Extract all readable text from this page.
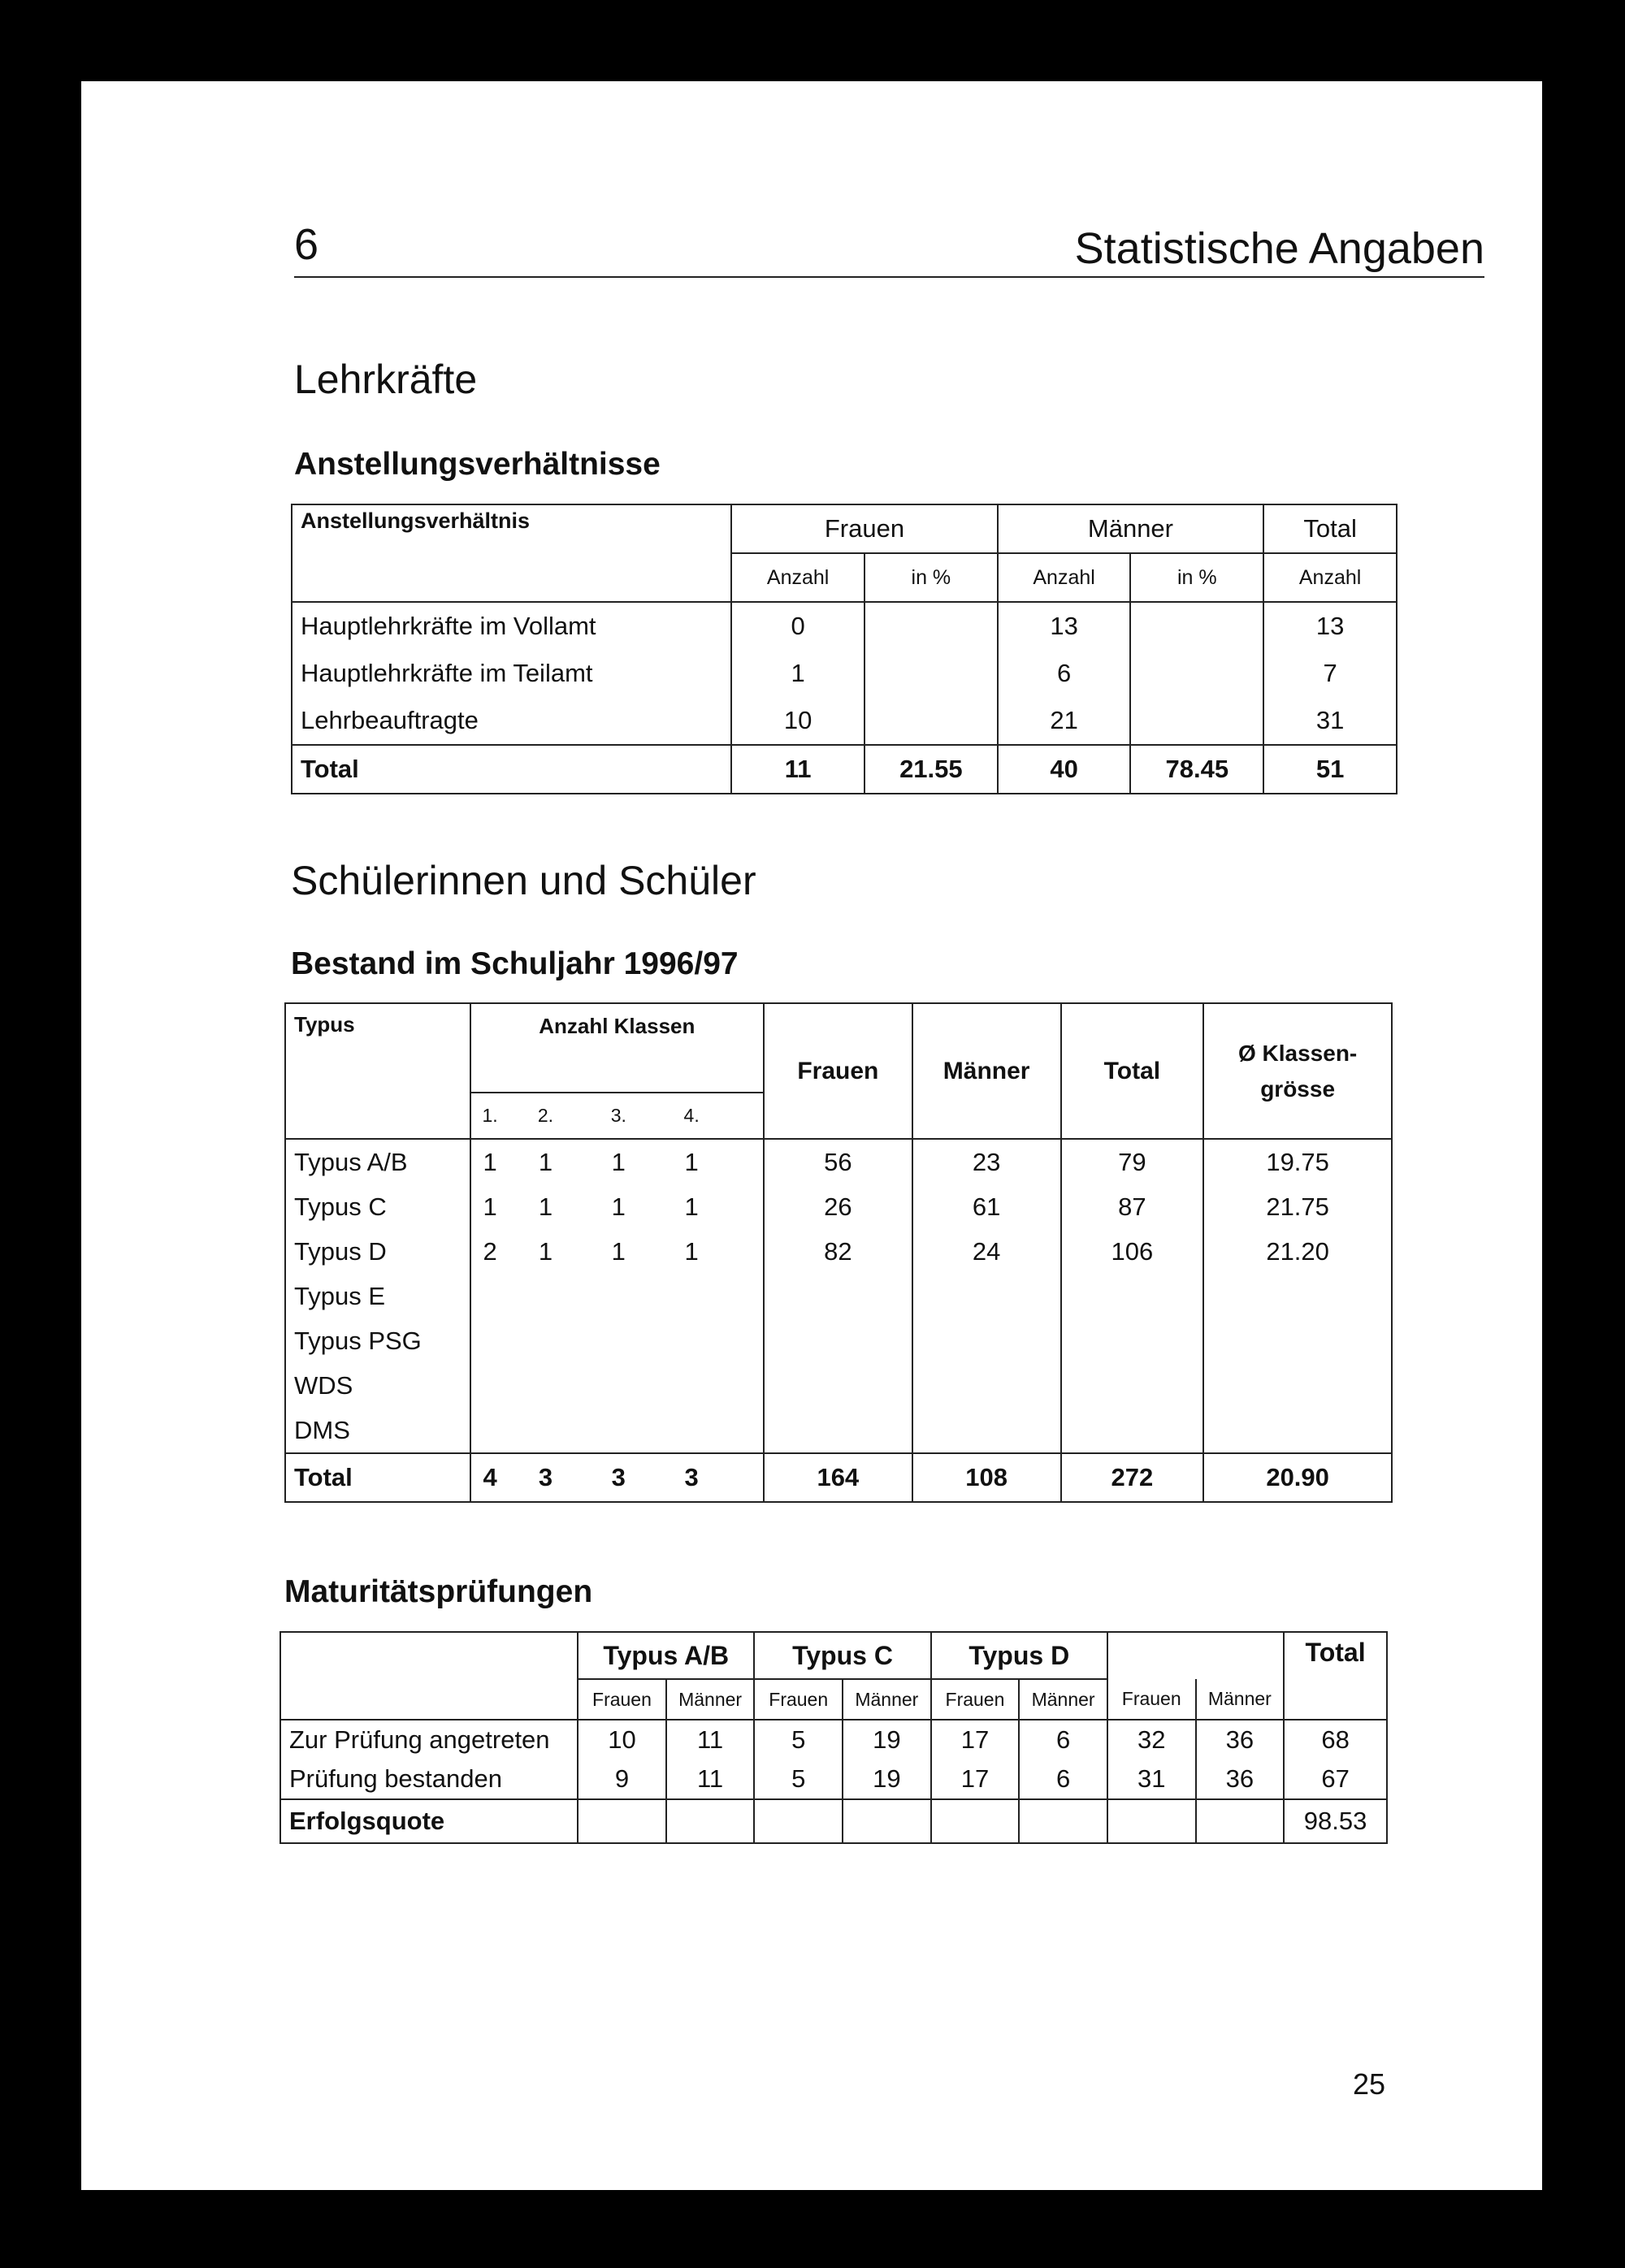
6	Statistische Angaben
Lehrkräfte
Anstellungsverhältnisse
Anstellungsverhältnis	Frauen		Männer		Total
	Anzahl	in %	Anzahl	in %	Anzahl
Hauptlehrkräfte im Vollamt	0		13		13
Hauptlehrkräfte im Teilamt	1		6		7
Lehrbeauftragte	10		21		31
Total	11	21.55	40	78.45	51
Schülerinnen und Schüler
Bestand im Schuljahr 1996/97
Typus	Anzahl Klassen					Frauen	Männer	Total	Ø Klassen-
grösse
	1.	2.	3.	4.					
Typus A/B	1	1	1	1		56	23	79	19.75
Typus C	1	1	1	1		26	61	87	21.75
Typus D	2	1	1	1		82	24	106	21.20
Typus E									
Typus PSG									
WDS									
DMS									
Total	4	3	3	3		164	108	272	20.90
Maturitätsprüfungen
	Typus A/B		Typus C		Typus D				Total
	Frauen	Männer	Frauen	Männer	Frauen	Männer	Frauen	Männer	
Zur Prüfung angetreten	10	11	5	19	17	6	32	36	68
Prüfung bestanden	9	11	5	19	17	6	31	36	67
Erfolgsquote									98.53
25
